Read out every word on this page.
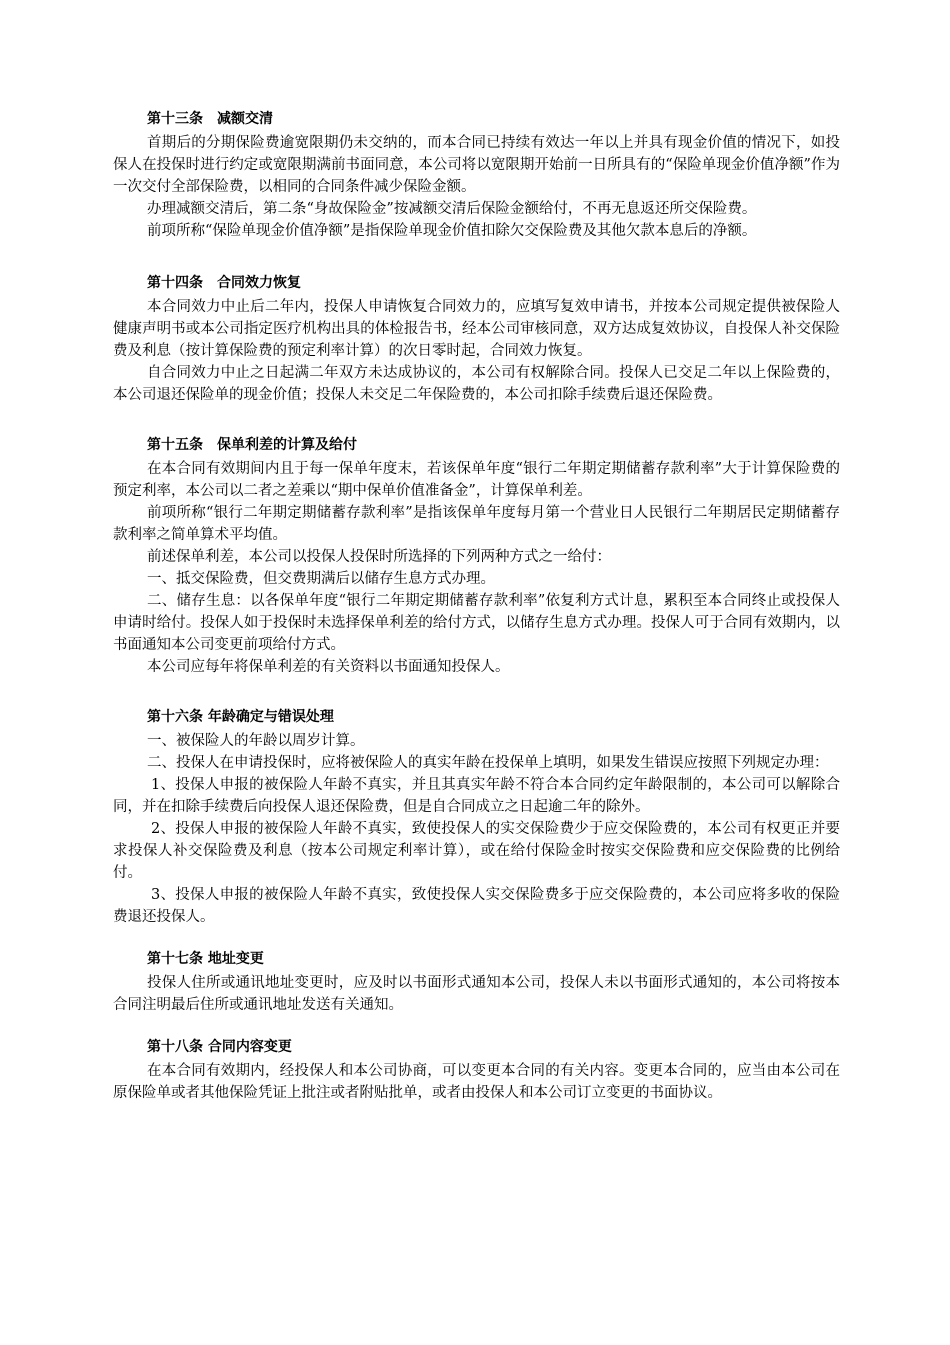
第十三条　减额交清

首期后的分期保险费逾宽限期仍未交纳的，而本合同已持续有效达一年以上并具有现金价值的情况下，如投保人在投保时进行约定或宽限期满前书面同意，本公司将以宽限期开始前一日所具有的“保险单现金价值净额”作为一次交付全部保险费，以相同的合同条件减少保险金额。

办理减额交清后，第二条“身故保险金”按减额交清后保险金额给付，不再无息返还所交保险费。

前项所称“保险单现金价值净额”是指保险单现金价值扣除欠交保险费及其他欠款本息后的净额。

第十四条　合同效力恢复

本合同效力中止后二年内，投保人申请恢复合同效力的，应填写复效申请书，并按本公司规定提供被保险人健康声明书或本公司指定医疗机构出具的体检报告书，经本公司审核同意，双方达成复效协议，自投保人补交保险费及利息（按计算保险费的预定利率计算）的次日零时起，合同效力恢复。

自合同效力中止之日起满二年双方未达成协议的，本公司有权解除合同。投保人已交足二年以上保险费的，本公司退还保险单的现金价值；投保人未交足二年保险费的，本公司扣除手续费后退还保险费。

第十五条　保单利差的计算及给付

在本合同有效期间内且于每一保单年度末，若该保单年度“银行二年期定期储蓄存款利率”大于计算保险费的预定利率，本公司以二者之差乘以“期中保单价值准备金”，计算保单利差。

前项所称“银行二年期定期储蓄存款利率”是指该保单年度每月第一个营业日人民银行二年期居民定期储蓄存款利率之简单算术平均值。

前述保单利差，本公司以投保人投保时所选择的下列两种方式之一给付：

一、抵交保险费，但交费期满后以储存生息方式办理。

二、储存生息：以各保单年度“银行二年期定期储蓄存款利率”依复利方式计息，累积至本合同终止或投保人申请时给付。投保人如于投保时未选择保单利差的给付方式，以储存生息方式办理。投保人可于合同有效期内，以书面通知本公司变更前项给付方式。

本公司应每年将保单利差的有关资料以书面通知投保人。

第十六条 年龄确定与错误处理

一、被保险人的年龄以周岁计算。

二、投保人在申请投保时，应将被保险人的真实年龄在投保单上填明，如果发生错误应按照下列规定办理：

1、投保人申报的被保险人年龄不真实，并且其真实年龄不符合本合同约定年龄限制的，本公司可以解除合同，并在扣除手续费后向投保人退还保险费，但是自合同成立之日起逾二年的除外。

2、投保人申报的被保险人年龄不真实，致使投保人的实交保险费少于应交保险费的，本公司有权更正并要求投保人补交保险费及利息（按本公司规定利率计算），或在给付保险金时按实交保险费和应交保险费的比例给付。

3、投保人申报的被保险人年龄不真实，致使投保人实交保险费多于应交保险费的，本公司应将多收的保险费退还投保人。

第十七条 地址变更

投保人住所或通讯地址变更时，应及时以书面形式通知本公司，投保人未以书面形式通知的，本公司将按本合同注明最后住所或通讯地址发送有关通知。

第十八条 合同内容变更

在本合同有效期内，经投保人和本公司协商，可以变更本合同的有关内容。变更本合同的，应当由本公司在原保险单或者其他保险凭证上批注或者附贴批单，或者由投保人和本公司订立变更的书面协议。
